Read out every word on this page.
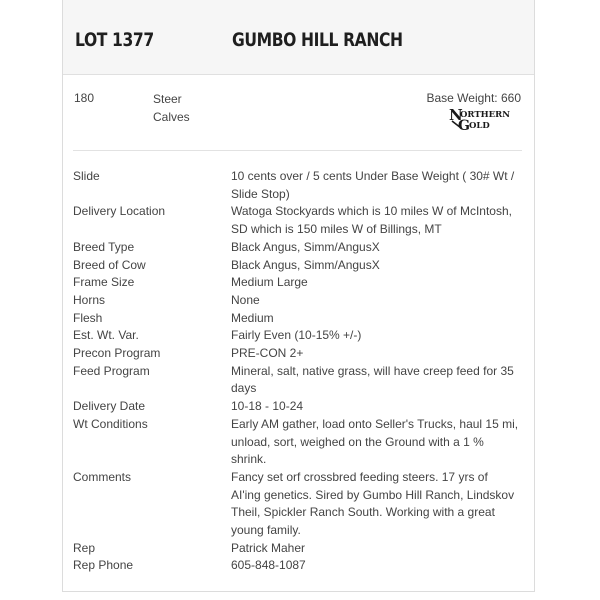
LOT 1377	GUMBO HILL RANCH
180	Steer
Calves
Base Weight: 660
N
ORTHERN
G OLD
Slide	10 cents over / 5 cents Under Base Weight ( 30# Wt / Slide Stop)
Delivery Location	Watoga Stockyards which is 10 miles W of McIntosh, SD which is 150 miles W of Billings, MT
Breed Type	Black Angus, Simm/AngusX
Breed of Cow	Black Angus, Simm/AngusX
Frame Size	Medium Large
Horns	None
Flesh	Medium
Est. Wt. Var.	Fairly Even (10-15% +/-)
Precon Program	PRE-CON 2+
Feed Program	Mineral, salt, native grass, will have creep feed for 35 days
Delivery Date	10-18 - 10-24
Wt Conditions	Early AM gather, load onto Seller's Trucks, haul 15 mi, unload, sort, weighed on the Ground with a 1 % shrink.
Comments	Fancy set orf crossbred feeding steers. 17 yrs of AI'ing genetics. Sired by Gumbo Hill Ranch, Lindskov Theil, Spickler Ranch South. Working with a great young family.
Rep	Patrick Maher
Rep Phone	605-848-1087
